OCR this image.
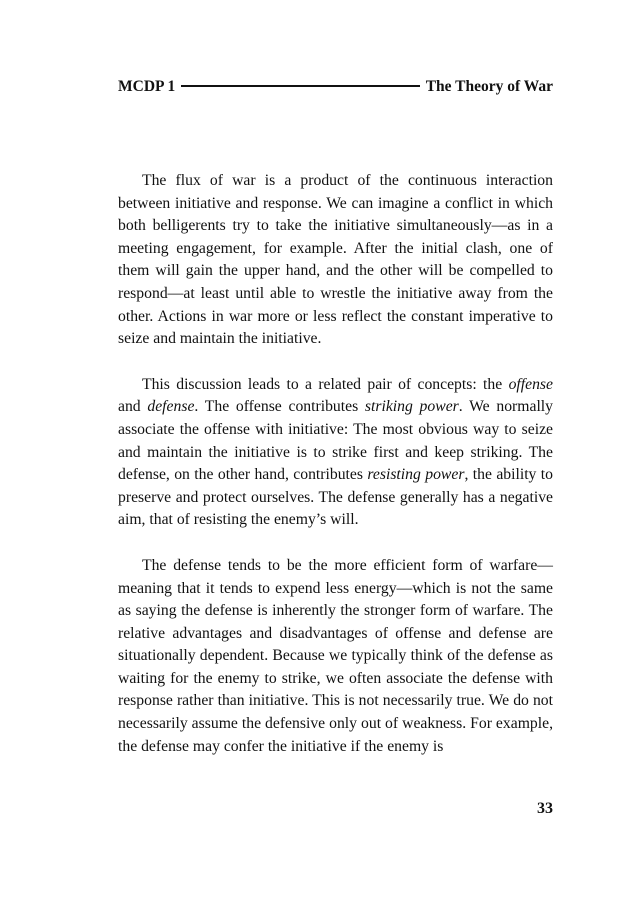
MCDP 1	The Theory of War

The flux of war is a product of the continuous interaction between initiative and response. We can imagine a conflict in which both belligerents try to take the initiative simultaneously—as in a meeting engagement, for example. After the initial clash, one of them will gain the upper hand, and the other will be compelled to respond—at least until able to wrestle the initiative away from the other. Actions in war more or less reflect the constant imperative to seize and maintain the initiative.

This discussion leads to a related pair of concepts: the offense and defense. The offense contributes striking power. We normally associate the offense with initiative: The most obvious way to seize and maintain the initiative is to strike first and keep striking. The defense, on the other hand, contributes resisting power, the ability to preserve and protect ourselves. The defense generally has a negative aim, that of resisting the enemy’s will.

The defense tends to be the more efficient form of warfare—meaning that it tends to expend less energy—which is not the same as saying the defense is inherently the stronger form of warfare. The relative advantages and disadvantages of offense and defense are situationally dependent. Because we typically think of the defense as waiting for the enemy to strike, we often associate the defense with response rather than initiative. This is not necessarily true. We do not necessarily assume the defensive only out of weakness. For example, the defense may confer the initiative if the enemy is

33
